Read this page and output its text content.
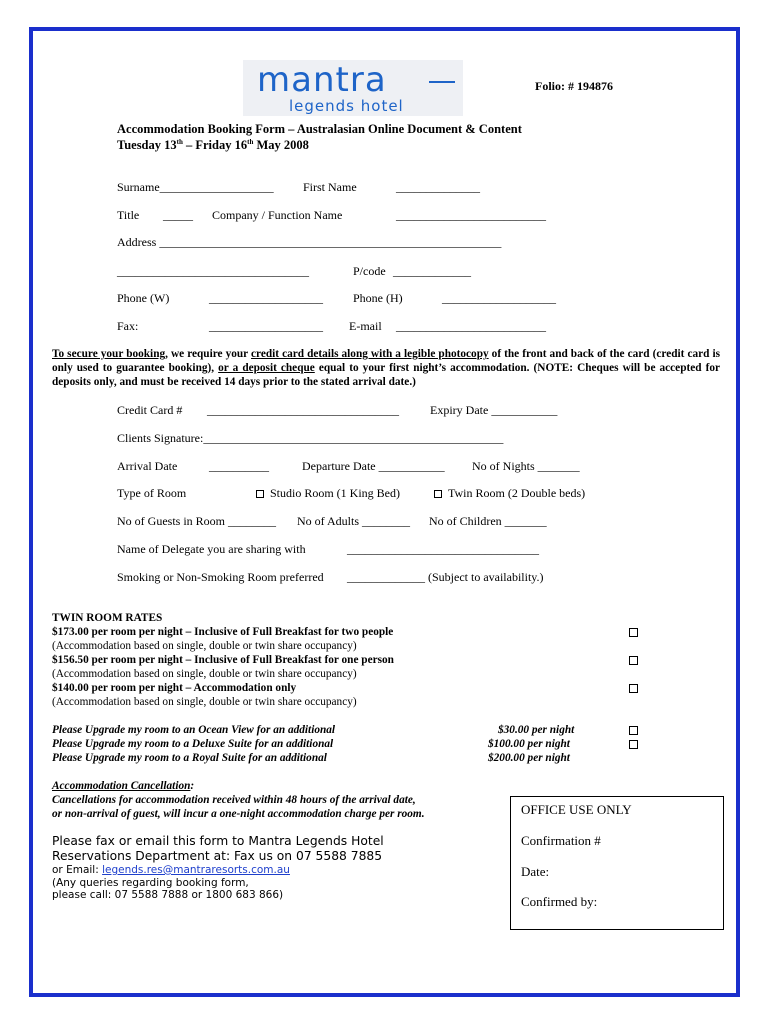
mantra
legends hotel
Folio: # 194876
Accommodation Booking Form – Australasian Online Document & Content
Tuesday 13th – Friday 16th May 2008
Surname___________________ First Name	______________
Title _____ Company / Function Name	_________________________
Address _________________________________________________________
________________________________	P/code _____________
Phone (W)	___________________	Phone (H)	___________________
Fax:	___________________ E-mail _________________________

To secure your booking, we require your credit card details along with a legible photocopy of the front and back of the card (credit card is only used to guarantee booking), or a deposit cheque equal to your first night’s accommodation. (NOTE: Cheques will be accepted for deposits only, and must be received 14 days prior to the stated arrival date.)

Credit Card # ________________________________	Expiry Date ___________
Clients Signature:__________________________________________________
Arrival Date	__________	Departure Date ___________ No of Nights _______
Type of Room	Studio Room (1 King Bed)	Twin Room (2 Double beds)
No of Guests in Room ________ No of Adults ________ No of Children _______
Name of Delegate you are sharing with	________________________________
Smoking or Non-Smoking Room preferred _____________ (Subject to availability.)
TWIN ROOM RATES
$173.00 per room per night – Inclusive of Full Breakfast for two people
(Accommodation based on single, double or twin share occupancy)
$156.50 per room per night – Inclusive of Full Breakfast for one person
(Accommodation based on single, double or twin share occupancy)
$140.00 per room per night – Accommodation only
(Accommodation based on single, double or twin share occupancy)
Please Upgrade my room to an Ocean View for an additional	$30.00 per night
Please Upgrade my room to a Deluxe Suite for an additional	$100.00 per night
Please Upgrade my room to a Royal Suite for an additional	$200.00 per night
Accommodation Cancellation:
Cancellations for accommodation received within 48 hours of the arrival date,
or non-arrival of guest, will incur a one-night accommodation charge per room.
Please fax or email this form to Mantra Legends Hotel
Reservations Department at: Fax us on 07 5588 7885
or Email: legends.res@mantraresorts.com.au
(Any queries regarding booking form,
please call: 07 5588 7888 or 1800 683 866)
OFFICE USE ONLY
Confirmation #
Date:
Confirmed by:
